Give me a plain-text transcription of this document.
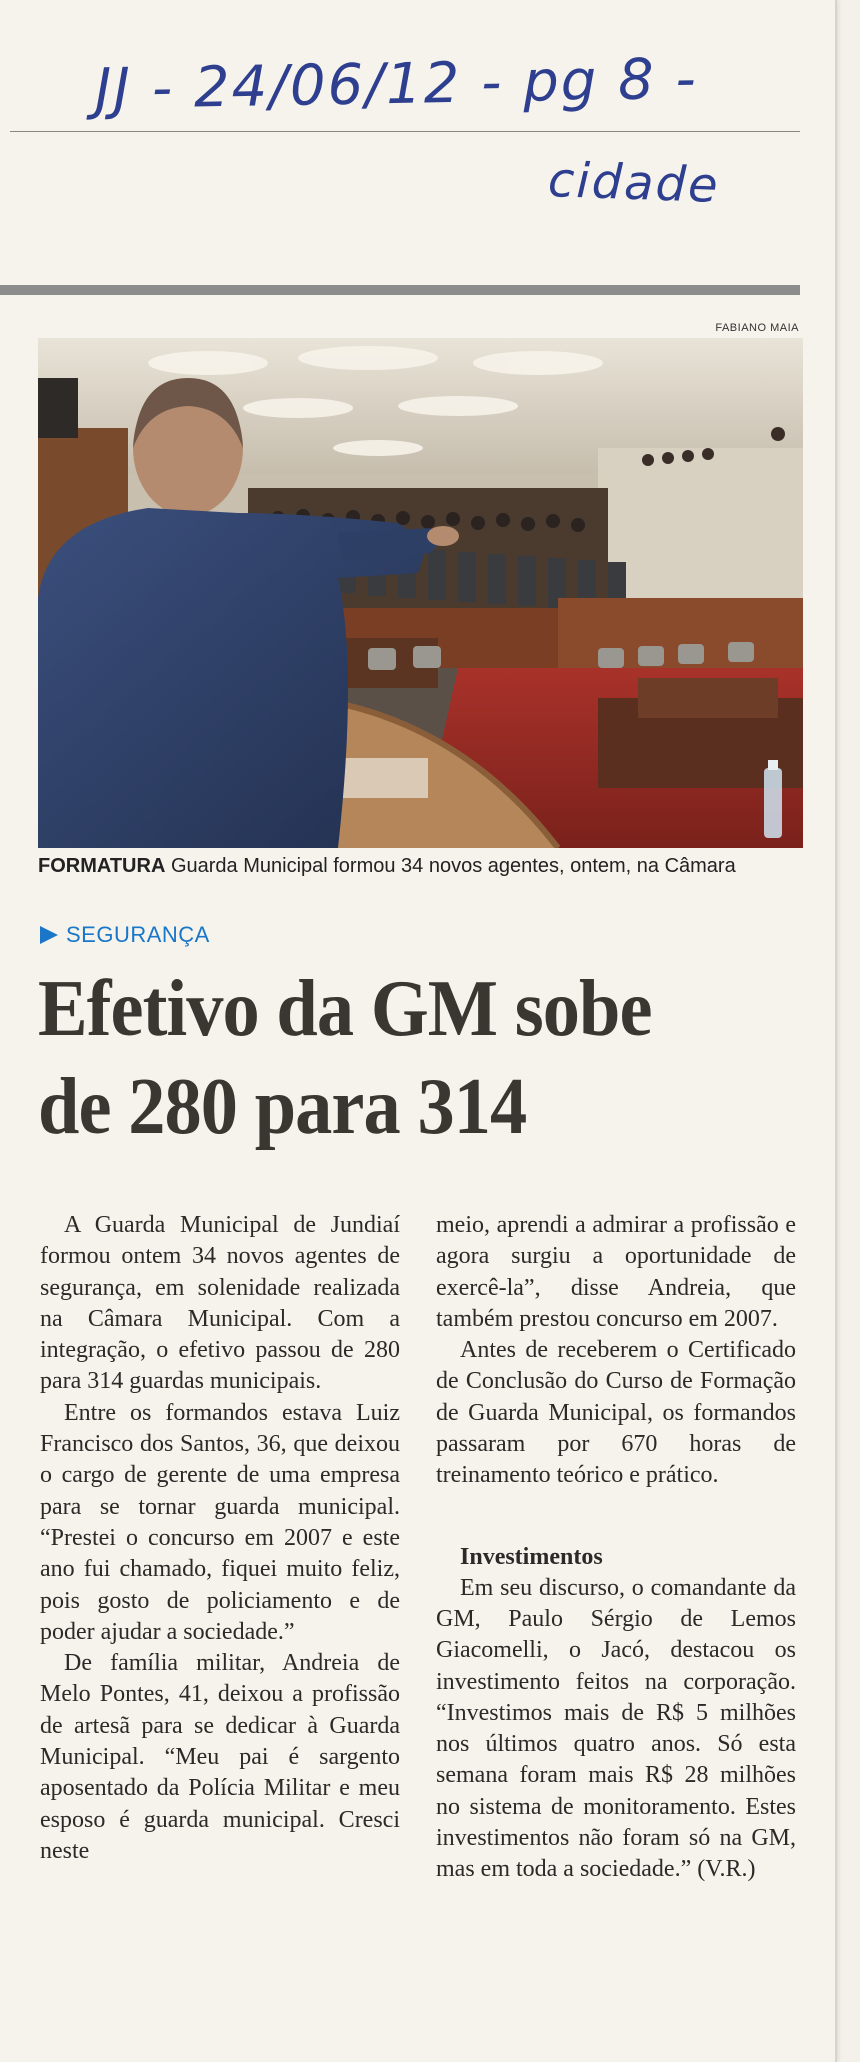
JJ - 24/06/12 - pg 8 -
cidade
FABIANO MAIA
FORMATURA Guarda Municipal formou 34 novos agentes, ontem, na Câmara
SEGURANÇA
Efetivo da GM sobe
de 280 para 314

A Guarda Municipal de Jundiaí formou ontem 34 novos agentes de segurança, em solenidade realizada na Câmara Municipal. Com a integração, o efetivo passou de 280 para 314 guardas municipais.

Entre os formandos estava Luiz Francisco dos Santos, 36, que deixou o cargo de gerente de uma empresa para se tornar guarda municipal. “Prestei o concurso em 2007 e este ano fui chamado, fiquei muito feliz, pois gosto de policiamento e de poder ajudar a sociedade.”

De família militar, Andreia de Melo Pontes, 41, deixou a profissão de artesã para se dedicar à Guarda Municipal. “Meu pai é sargento aposentado da Polícia Militar e meu esposo é guarda municipal. Cresci neste

meio, aprendi a admirar a profissão e agora surgiu a oportunidade de exercê-la”, disse Andreia, que também prestou concurso em 2007.

Antes de receberem o Certificado de Conclusão do Curso de Formação de Guarda Municipal, os formandos passaram por 670 horas de treinamento teórico e prático.

Investimentos

Em seu discurso, o comandante da GM, Paulo Sérgio de Lemos Giacomelli, o Jacó, destacou os investimento feitos na corporação. “Investimos mais de R$ 5 milhões nos últimos quatro anos. Só esta semana foram mais R$ 28 milhões no sistema de monitoramento. Estes investimentos não foram só na GM, mas em toda a sociedade.” (V.R.)
